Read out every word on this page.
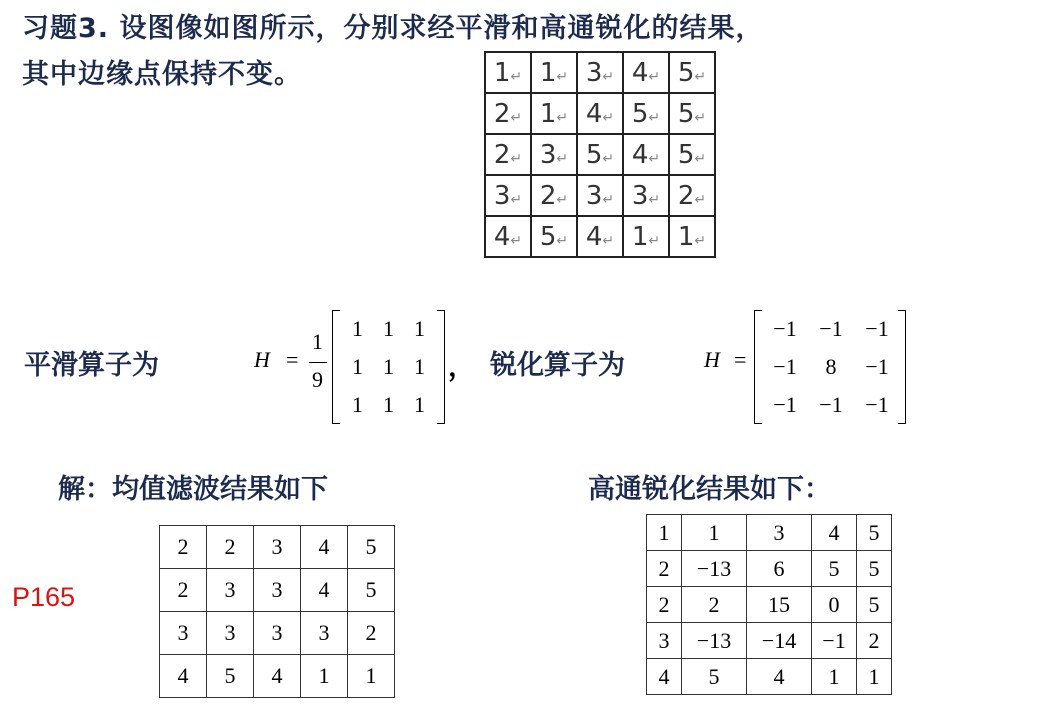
习题3. 设图像如图所示，分别求经平滑和高通锐化的结果，
其中边缘点保持不变。	1↵	1↵	3↵	4↵	5↵
2↵	1↵	4↵	5↵	5↵
2↵	3↵	5↵	4↵	5↵
3↵	2↵	3↵	3↵	2↵
4↵	5↵	4↵	1↵	1↵
平滑算子为	H =
1
9
1	1	1
1	1	1
1	1	1
， 锐化算子为	H =
−1	−1	−1
−1	8	−1
−1	−1	−1
解：均值滤波结果如下	高通锐化结果如下：
P165
2	2	3	4	5
2	3	3	4	5
3	3	3	3	2
4	5	4	1	1
1	1	3	4	5
2	−13	6	5	5
2	2	15	0	5
3	−13	−14	−1	2
4	5	4	1	1
